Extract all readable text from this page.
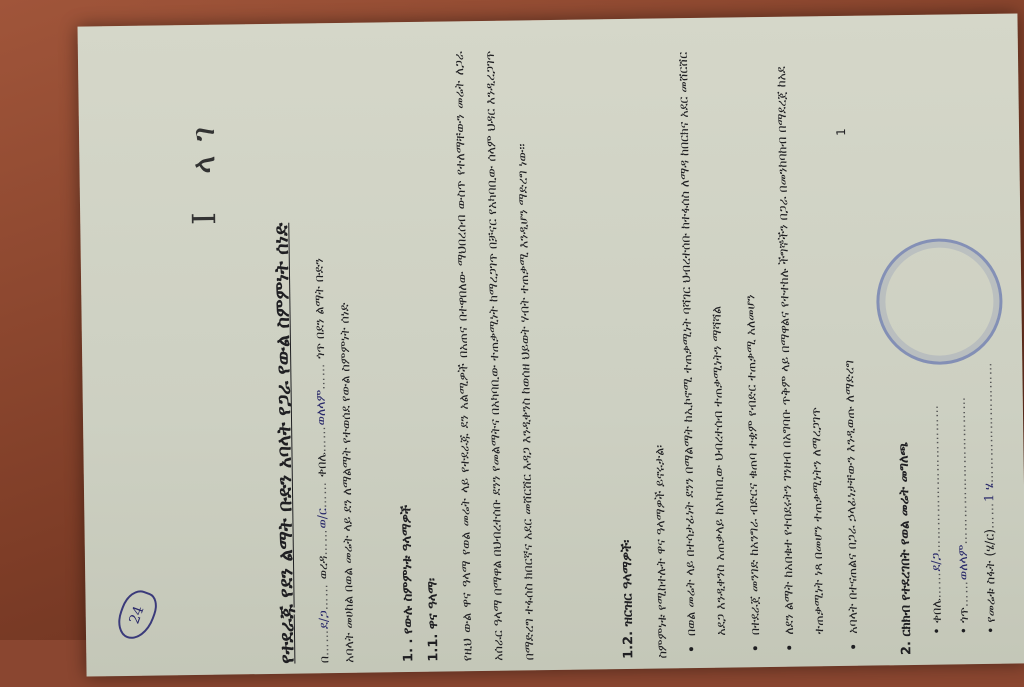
I ላገ
የተደራጁ የደን ልማት ቡድን አባላት የጋራ የውል ስምምነት ሰነድ	በ……ደ/ጋ…… ወረዳ……ወ/ር…… ቀበሌ……ወለላም…… ጎጥ በደን ልማት ቡድን አባላት መሀከል በወል መሬት ላይ ደን ለማልማት የተወሰደ የውል ስምምነት ሰነድ	1. . የውሉ ስምምነቱ ዓላማዎች 1.1. ዋና ዓላማ፡ የዚህ ውል ዋና ዓላማ የወል መሬት ላይ የተደራጁ ደን አልሚዎች በአጠና በተዋበለው ማህበረሰብ ውስጥ የተለማቸውን መሬት ለጋራ አሰራር ዓላማ በማዋል በህብረተሰቡ ደንን የመልማትና በአካባቢው ተጠቃሚነት ከማረጋገጥ በቻናር የአካባቢው ሰላም ህዳር እንዲረጋገጥ በማድረግ ተፋሰስ ክበርኛና አደር መሸርሸር እዳጋ እንዲቀንስ ከወሰዘ ህይወት ሃብት ተጠቃሚ እንዲሆን ማድረግ ነው፡፡	1.2. ዝርዝር ዓላማዎች፡	ስምምነቱ የሚከተሉት ዋና ዓላማዎች ይኖሩታል፡ • በወል መሬት ላይ በተሳታፊነት ደንን በማልማት ከኢኮኖሚ ተጠቃሚነት ባሻገር ህብረተሰቡ ከተፋሰስ ለማዳ ከበርክና አደር መሸርሸር አደጋ እንዲቀንስ አጠቃላይ ከአካባቢው ህብረተሰብ ተጠቃሚነትን ማሻሻል	• በተደራጀ መንገድ ከአንግራ ብድርና ቁጠባ ተቋም የብድር ተጠቃሚ አለመሆን • ለደን ልማት ከአበቁተ የተበደሩትን ገንዘብ በአግባቡ ጥቅም ላይ በማዋልና የተተከሉ ችግኞችን በጋራ በመንከባከብ በማደረጀ ከአደ ተጠቃሚነት ነጻ በመሆን ተጠቃሚነትን ለማረጋገጥ	• አባላት በተናጠልና በጋራ ኃላፊነታቸውን እንዲወጡ ለማድረግ
1
2. ርክክብ የተደረገበት የወል መሬት መግለጫ	• ቀበሌ……ደ/ጋ……………………………
• ጎጥ……ወለላም……………………………
• የመሬቱ ስፋት (ሄ/ር)……1 ሄ………………………
24
